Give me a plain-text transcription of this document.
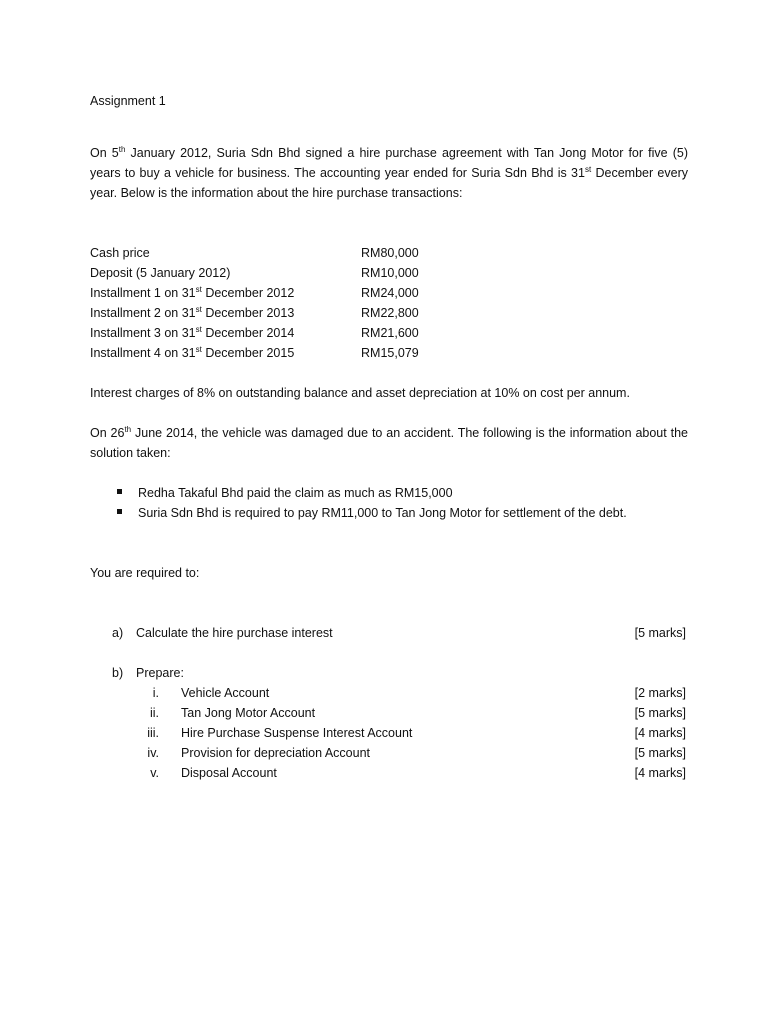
Assignment 1
On 5th January 2012, Suria Sdn Bhd signed a hire purchase agreement with Tan Jong Motor for five (5) years to buy a vehicle for business. The accounting year ended for Suria Sdn Bhd is 31st December every year. Below is the information about the hire purchase transactions:
Cash price	RM80,000
Deposit (5 January 2012)	RM10,000
Installment 1 on 31st December 2012	RM24,000
Installment 2 on 31st December 2013	RM22,800
Installment 3 on 31st December 2014	RM21,600
Installment 4 on 31st December 2015	RM15,079
Interest charges of 8% on outstanding balance and asset depreciation at 10% on cost per annum.
On 26th June 2014, the vehicle was damaged due to an accident. The following is the information about the solution taken:
Redha Takaful Bhd paid the claim as much as RM15,000
Suria Sdn Bhd is required to pay RM11,000 to Tan Jong Motor for settlement of the debt.
You are required to:
a) Calculate the hire purchase interest	[5 marks]
b) Prepare:
i. Vehicle Account	[2 marks]
ii. Tan Jong Motor Account	[5 marks]
iii. Hire Purchase Suspense Interest Account	[4 marks]
iv. Provision for depreciation Account	[5 marks]
v. Disposal Account	[4 marks]
